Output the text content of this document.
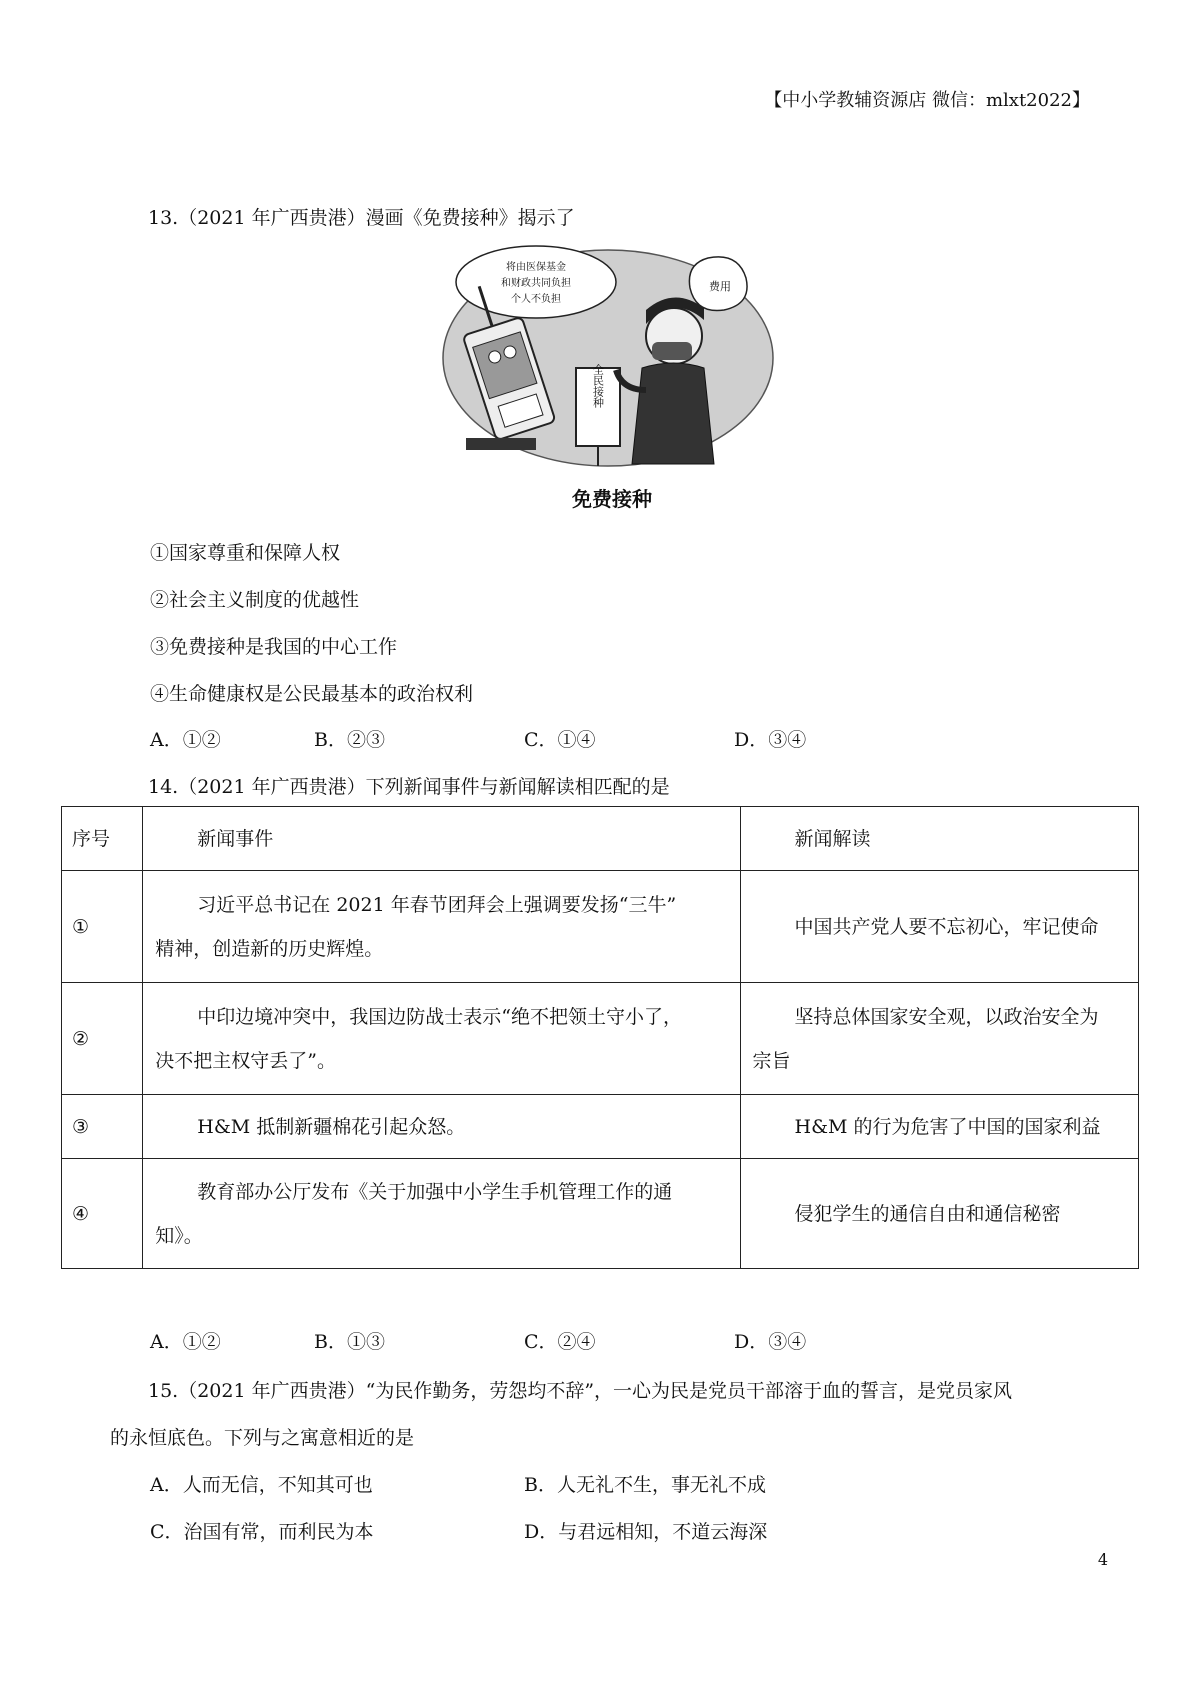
【中小学教辅资源店 微信：mlxt2022】
13.（2021 年广西贵港）漫画《免费接种》揭示了
将由医保基金
和财政共同负担
个人不负担
费用
全民接种
免费接种
①国家尊重和保障人权
②社会主义制度的优越性
③免费接种是我国的中心工作
④生命健康权是公民最基本的政治权利
A．①②	B．②③	C．①④	D．③④
14.（2021 年广西贵港）下列新闻事件与新闻解读相匹配的是
序号	新闻事件	新闻解读

①	习近平总书记在 2021 年春节团拜会上强调要发扬“三牛”
精神，创造新的历史辉煌。	中国共产党人要不忘初心，牢记使命

②	中印边境冲突中，我国边防战士表示“绝不把领土守小了，
决不把主权守丢了”。	坚持总体国家安全观，以政治安全为
宗旨

③	H&M 抵制新疆棉花引起众怒。	H&M 的行为危害了中国的国家利益

④	教育部办公厅发布《关于加强中小学生手机管理工作的通
知》。	侵犯学生的通信自由和通信秘密
A．①②	B．①③	C．②④	D．③④
15.（2021 年广西贵港）“为民作勤务，劳怨均不辞”，一心为民是党员干部溶于血的誓言，是党员家风
的永恒底色。下列与之寓意相近的是
A．人而无信，不知其可也	B．人无礼不生，事无礼不成
C．治国有常，而利民为本	D．与君远相知，不道云海深
4
